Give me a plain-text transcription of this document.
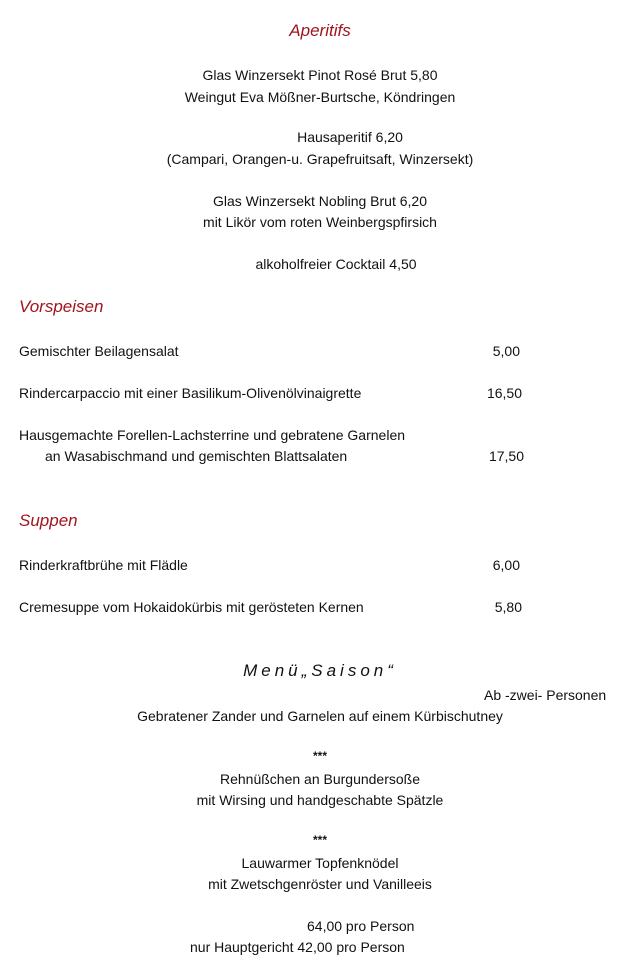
Aperitifs
Glas Winzersekt Pinot Rosé Brut 5,80
Weingut Eva Mößner-Burtsche, Köndringen
Hausaperitif 6,20
(Campari, Orangen-u. Grapefruitsaft, Winzersekt)
Glas Winzersekt Nobling Brut 6,20
mit Likör vom roten Weinbergspfirsich
alkoholfreier Cocktail 4,50
Vorspeisen
Gemischter Beilagensalat	5,00
Rindercarpaccio mit einer Basilikum-Olivenölvinaigrette	16,50
Hausgemachte Forellen-Lachsterrine und gebratene Garnelen
an Wasabischmand und gemischten Blattsalaten	17,50
Suppen
Rinderkraftbrühe mit Flädle	6,00
Cremesuppe vom Hokaidokürbis mit gerösteten Kernen	5,80
Menü„Saison“
Ab -zwei- Personen
Gebratener Zander und Garnelen auf einem Kürbischutney
***
Rehnüßchen an Burgundersoße
mit Wirsing und handgeschabte Spätzle
***
Lauwarmer Topfenknödel
mit Zwetschgenröster und Vanilleeis
64,00 pro Person
nur Hauptgericht 42,00 pro Person
